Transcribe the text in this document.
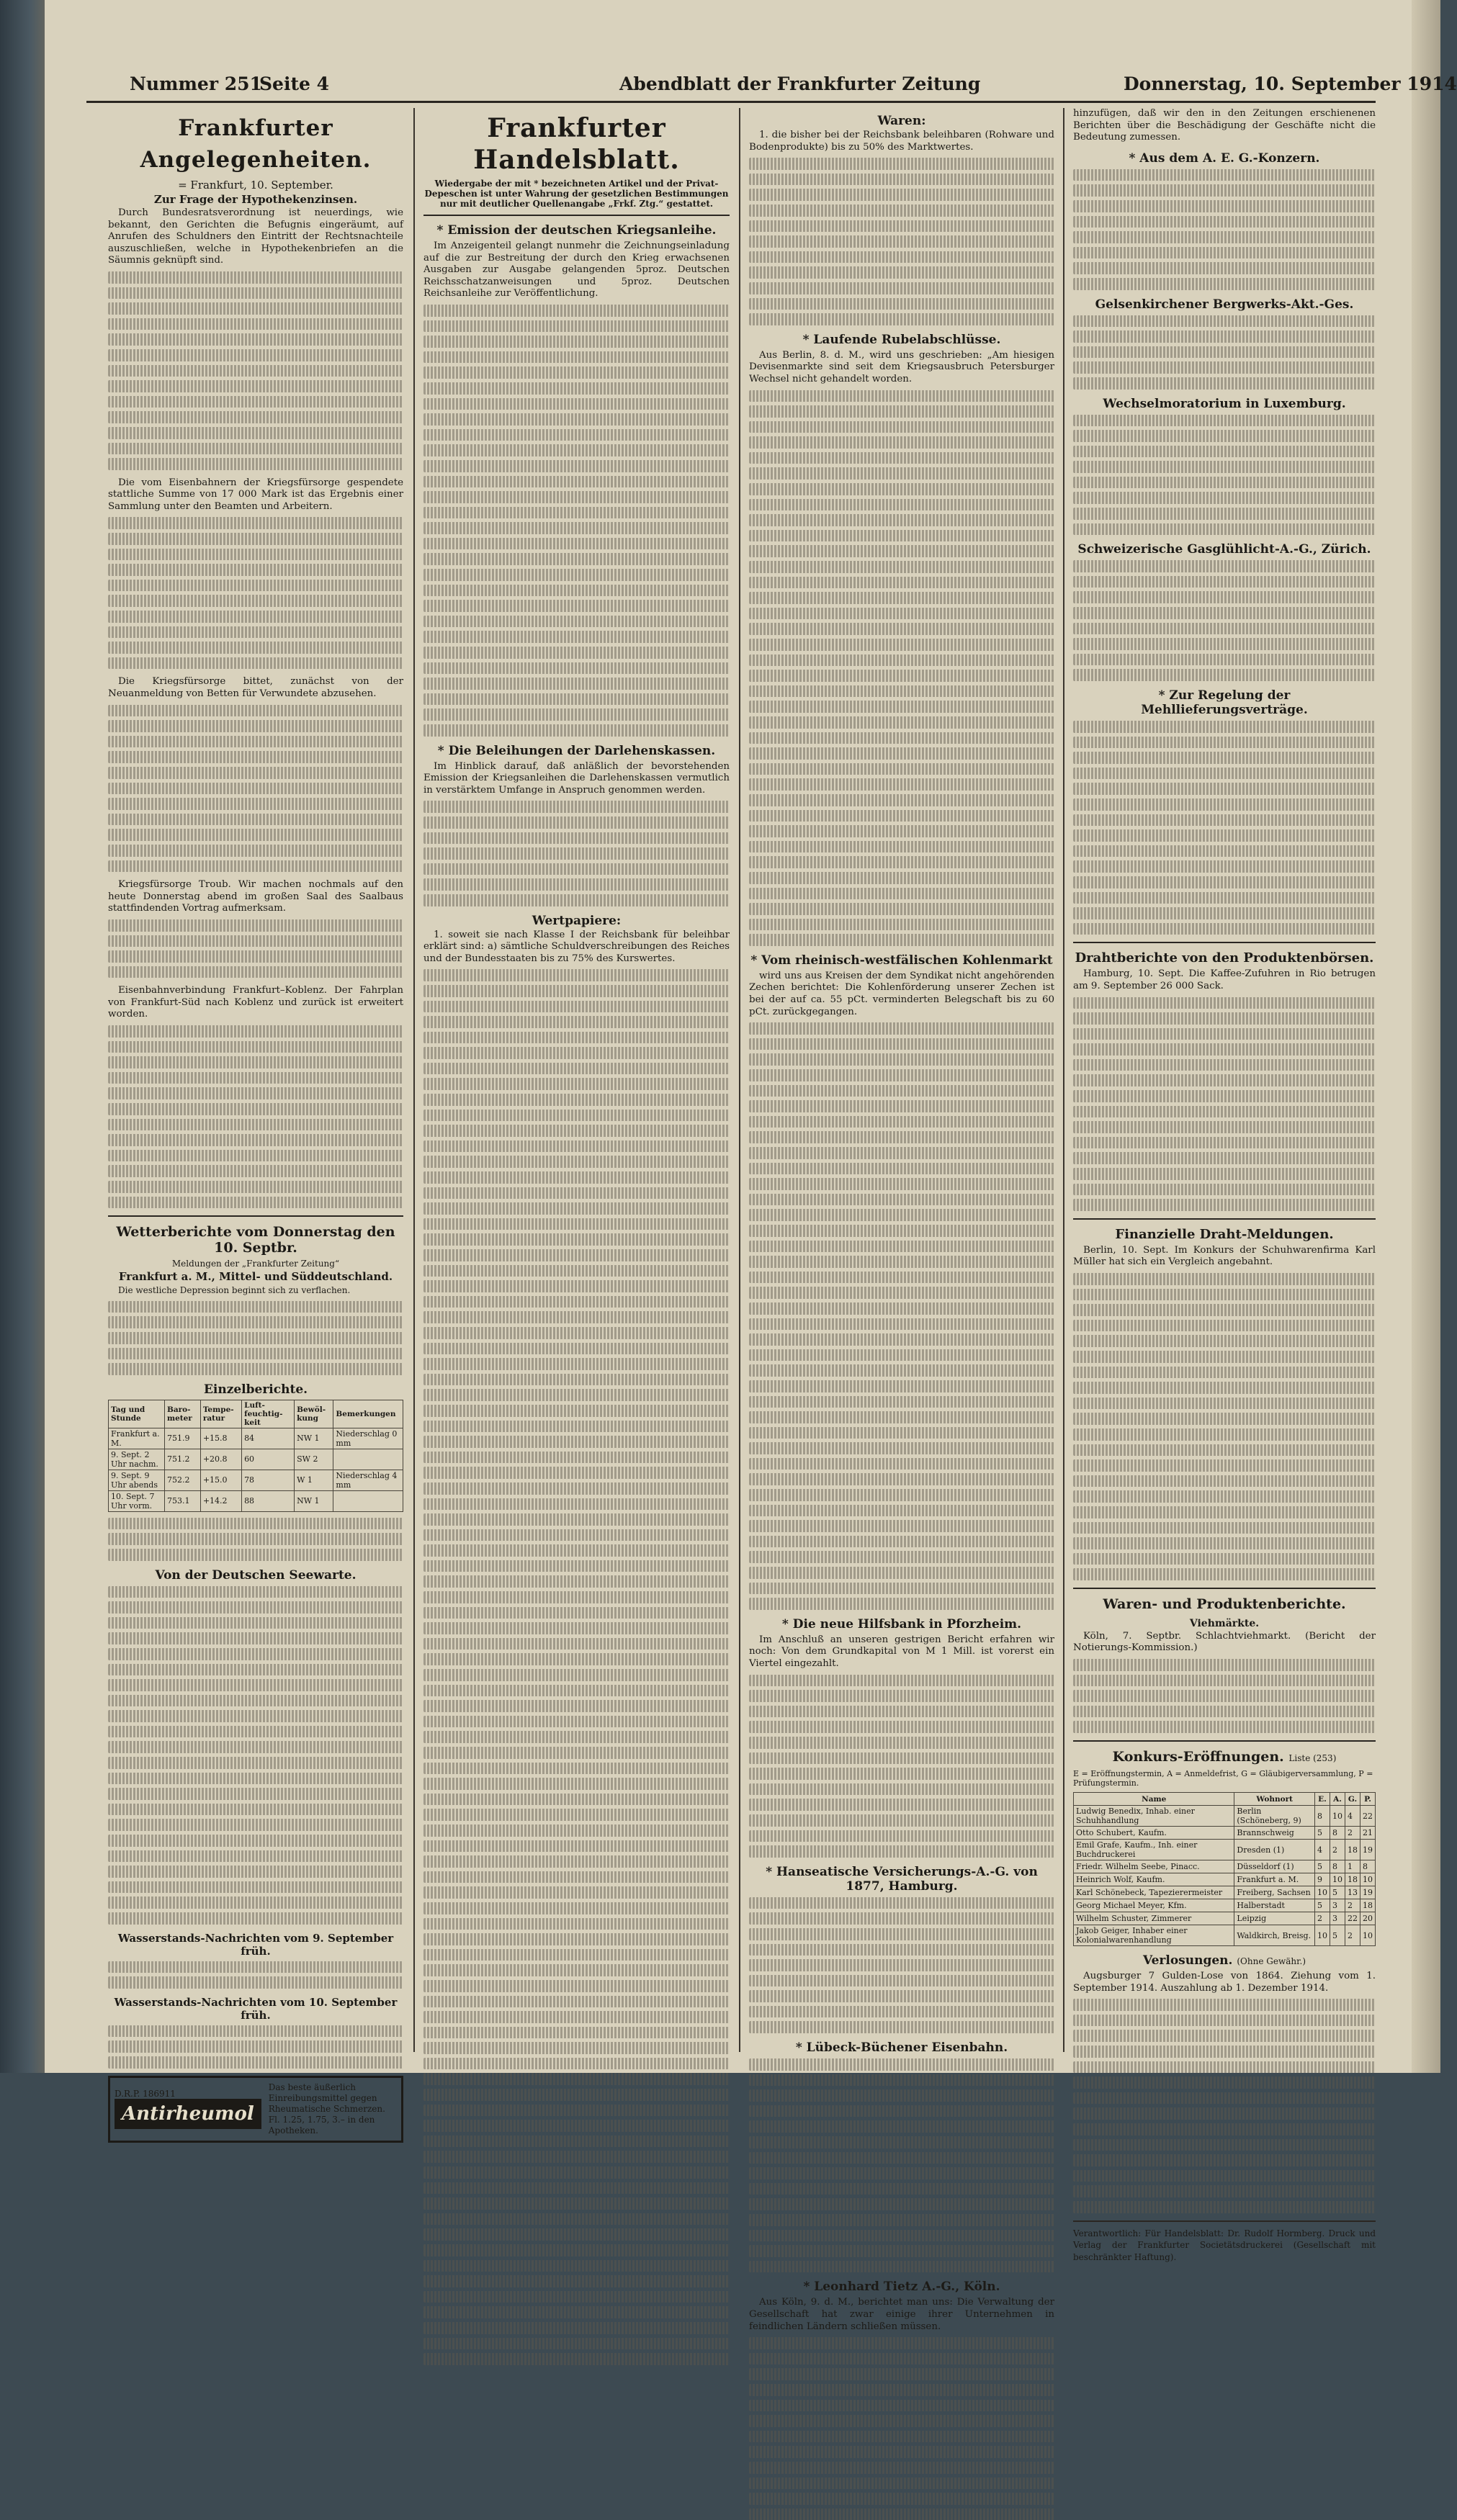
Nummer 251
Seite 4	Abendblatt der Frankfurter Zeitung	Donnerstag, 10. September 1914
Frankfurter Angelegenheiten.
= Frankfurt, 10. September.
Zur Frage der Hypothekenzinsen.

Durch Bundesratsverordnung ist neuerdings, wie bekannt, den Gerichten die Befugnis eingeräumt, auf Anrufen des Schuldners den Eintritt der Rechtsnachteile auszuschließen, welche in Hypothekenbriefen an die Säumnis geknüpft sind.

Die vom Eisenbahnern der Kriegsfürsorge gespendete stattliche Summe von 17 000 Mark ist das Ergebnis einer Sammlung unter den Beamten und Arbeitern.

Die Kriegsfürsorge bittet, zunächst von der Neuanmeldung von Betten für Verwundete abzusehen.

Kriegsfürsorge Troub. Wir machen nochmals auf den heute Donnerstag abend im großen Saal des Saalbaus stattfindenden Vortrag aufmerksam.

Eisenbahnverbindung Frankfurt–Koblenz. Der Fahrplan von Frankfurt-Süd nach Koblenz und zurück ist erweitert worden.

Wetterberichte vom Donnerstag den 10. Septbr.
Meldungen der „Frankfurter Zeitung“
Frankfurt a. M., Mittel- und Süddeutschland.

Die westliche Depression beginnt sich zu verflachen.

Einzelberichte.
Tag und Stunde	Baro-meter	Tempe-ratur	Luft-feuchtig-keit	Bewöl-kung	Bemerkungen
Frankfurt a. M.	751.9	+15.8	84	NW 1	Niederschlag 0 mm
9. Sept. 2 Uhr nachm.	751.2	+20.8	60	SW 2	
9. Sept. 9 Uhr abends	752.2	+15.0	78	W 1	Niederschlag 4 mm
10. Sept. 7 Uhr vorm.	753.1	+14.2	88	NW 1	
Von der Deutschen Seewarte.
Wasserstands-Nachrichten vom 9. September früh.
Wasserstands-Nachrichten vom 10. September früh.
D.R.P. 186911
Antirheumol
Das beste äußerlich Einreibungsmittel gegen Rheumatische Schmerzen. Fl. 1.25, 1.75, 3.– in den Apotheken.
Frankfurter Handelsblatt.
Wiedergabe der mit * bezeichneten Artikel und der Privat-Depeschen ist unter Wahrung der gesetzlichen Bestimmungen nur mit deutlicher Quellenangabe „Frkf. Ztg.“ gestattet.
* Emission der deutschen Kriegsanleihe.

Im Anzeigenteil gelangt nunmehr die Zeichnungseinladung auf die zur Bestreitung der durch den Krieg erwachsenen Ausgaben zur Ausgabe gelangenden 5proz. Deutschen Reichsschatzanweisungen und 5proz. Deutschen Reichsanleihe zur Veröffentlichung.

* Die Beleihungen der Darlehenskassen.

Im Hinblick darauf, daß anläßlich der bevorstehenden Emission der Kriegsanleihen die Darlehenskassen vermutlich in verstärktem Umfange in Anspruch genommen werden.

Wertpapiere:

1. soweit sie nach Klasse I der Reichsbank für beleihbar erklärt sind: a) sämtliche Schuldverschreibungen des Reiches und der Bundesstaaten bis zu 75% des Kurswertes.

Waren:

1. die bisher bei der Reichsbank beleihbaren (Rohware und Bodenprodukte) bis zu 50% des Marktwertes.

* Laufende Rubelabschlüsse.

Aus Berlin, 8. d. M., wird uns geschrieben: „Am hiesigen Devisenmarkte sind seit dem Kriegsausbruch Petersburger Wechsel nicht gehandelt worden.

* Vom rheinisch-westfälischen Kohlenmarkt

wird uns aus Kreisen der dem Syndikat nicht angehörenden Zechen berichtet: Die Kohlenförderung unserer Zechen ist bei der auf ca. 55 pCt. verminderten Belegschaft bis zu 60 pCt. zurückgegangen.

* Die neue Hilfsbank in Pforzheim.

Im Anschluß an unseren gestrigen Bericht erfahren wir noch: Von dem Grundkapital von M 1 Mill. ist vorerst ein Viertel eingezahlt.

* Hanseatische Versicherungs-A.-G. von 1877, Hamburg.
* Lübeck-Büchener Eisenbahn.
* Leonhard Tietz A.-G., Köln.

Aus Köln, 9. d. M., berichtet man uns: Die Verwaltung der Gesellschaft hat zwar einige ihrer Unternehmen in feindlichen Ländern schließen müssen.

hinzufügen, daß wir den in den Zeitungen erschienenen Berichten über die Beschädigung der Geschäfte nicht die Bedeutung zumessen.

* Aus dem A. E. G.-Konzern.
Gelsenkirchener Bergwerks-Akt.-Ges.
Wechselmoratorium in Luxemburg.
Schweizerische Gasglühlicht-A.-G., Zürich.
* Zur Regelung der Mehllieferungsverträge.
Drahtberichte von den Produktenbörsen.

Hamburg, 10. Sept. Die Kaffee-Zufuhren in Rio betrugen am 9. September 26 000 Sack.

Finanzielle Draht-Meldungen.

Berlin, 10. Sept. Im Konkurs der Schuhwarenfirma Karl Müller hat sich ein Vergleich angebahnt.

Waren- und Produktenberichte.
Viehmärkte.

Köln, 7. Septbr. Schlachtviehmarkt. (Bericht der Notierungs-Kommission.)

Konkurs-Eröffnungen. Liste (253)
E = Eröffnungstermin, A = Anmeldefrist, G = Gläubigerversammlung, P = Prüfungstermin.
Name	Wohnort	E.	A.	G.	P.
Ludwig Benedix, Inhab. einer Schuhhandlung	Berlin (Schöneberg, 9)	8	10	4	22
Otto Schubert, Kaufm.	Brannschweig	5	8	2	21
Emil Grafe, Kaufm., Inh. einer Buchdruckerei	Dresden (1)	4	2	18	19
Friedr. Wilhelm Seebe, Pinacc.	Düsseldorf (1)	5	8	1	8
Heinrich Wolf, Kaufm.	Frankfurt a. M.	9	10	18	10
Karl Schönebeck, Tapezierermeister	Freiberg, Sachsen	10	5	13	19
Georg Michael Meyer, Kfm.	Halberstadt	5	3	2	18
Wilhelm Schuster, Zimmerer	Leipzig	2	3	22	20
Jakob Geiger, Inhaber einer Kolonialwarenhandlung	Waldkirch, Breisg.	10	5	2	10
Verlosungen. (Ohne Gewähr.)

Augsburger 7 Gulden-Lose von 1864. Ziehung vom 1. September 1914. Auszahlung ab 1. Dezember 1914.

Verantwortlich: Für Handelsblatt: Dr. Rudolf Hormberg. Druck und Verlag der Frankfurter Societätsdruckerei (Gesellschaft mit beschränkter Haftung).
